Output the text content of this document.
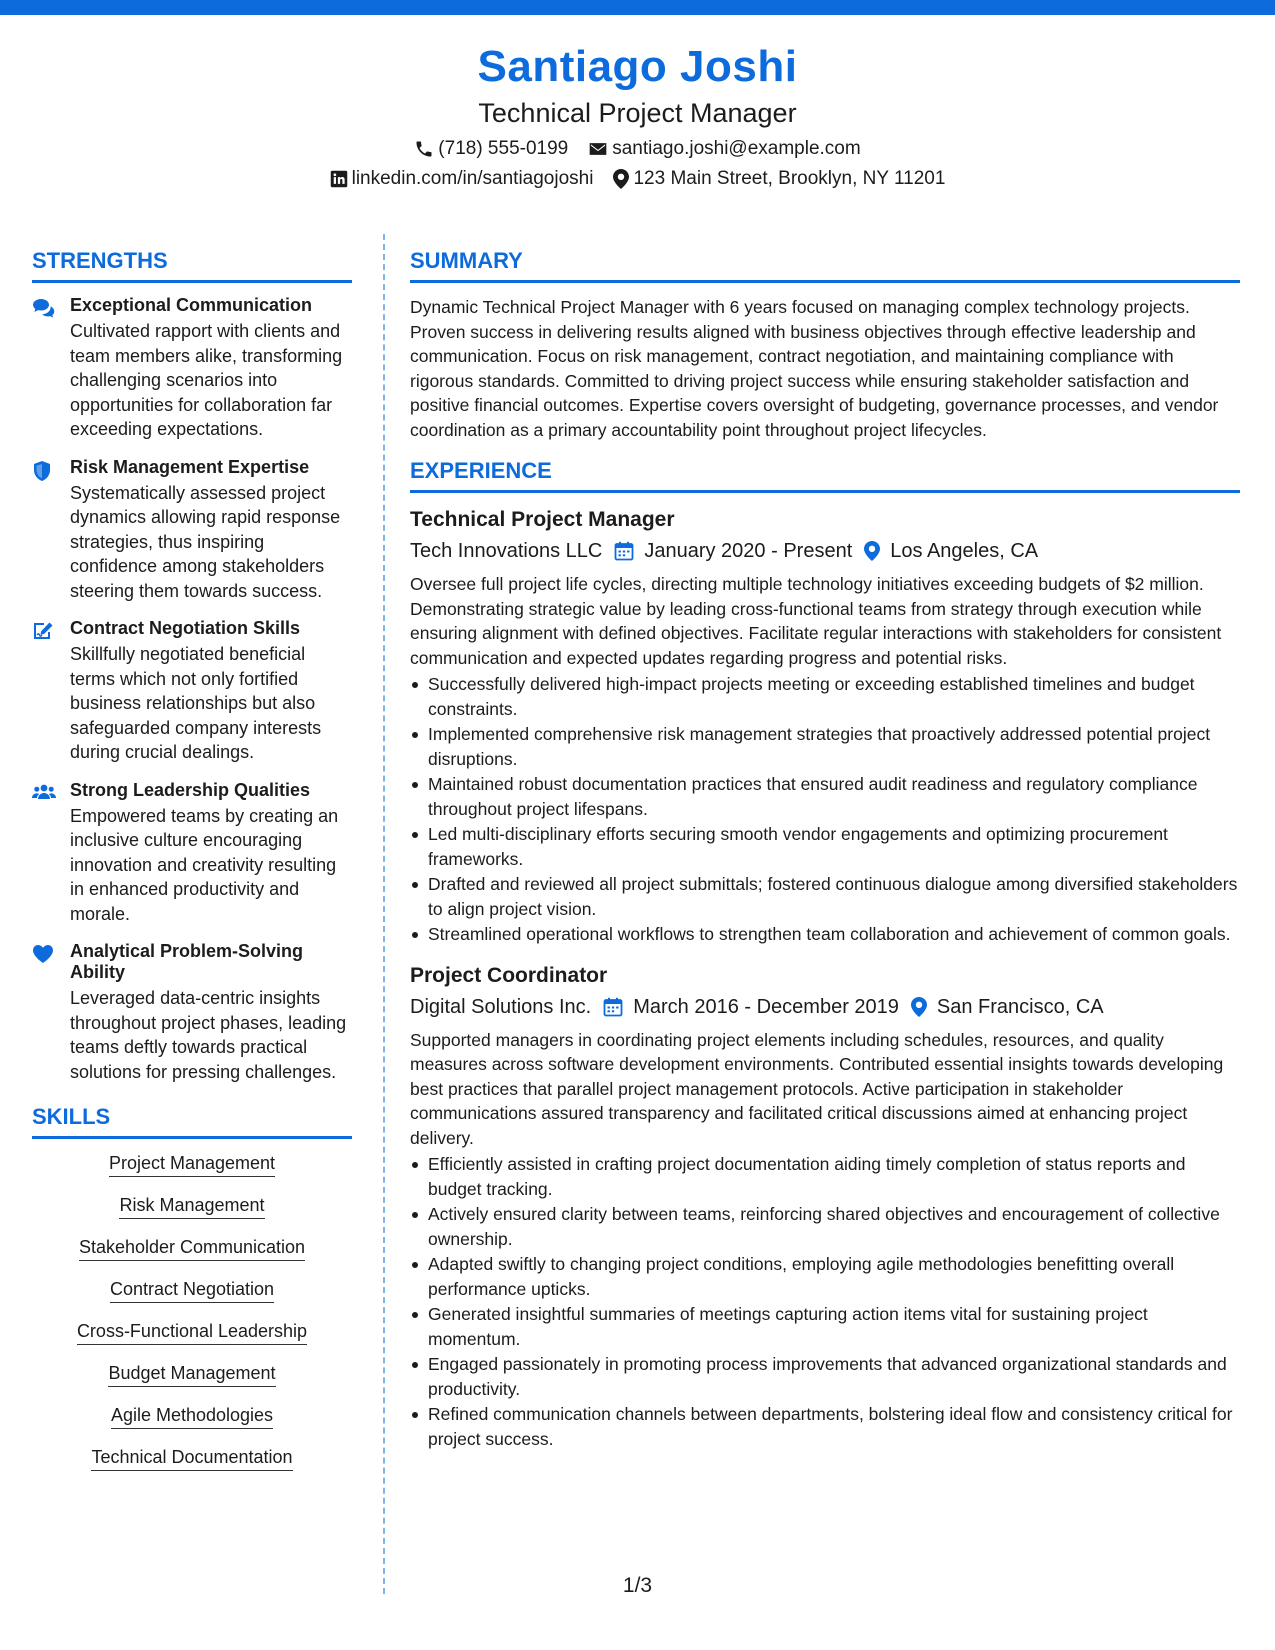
Santiago Joshi
Technical Project Manager
(718) 555-0199 santiago.joshi@example.com
linkedin.com/in/santiagojoshi 123 Main Street, Brooklyn, NY 11201
STRENGTHS
Exceptional Communication
Cultivated rapport with clients and team members alike, transforming challenging scenarios into opportunities for collaboration far exceeding expectations.
Risk Management Expertise
Systematically assessed project dynamics allowing rapid response strategies, thus inspiring confidence among stakeholders steering them towards success.
Contract Negotiation Skills
Skillfully negotiated beneficial terms which not only fortified business relationships but also safeguarded company interests during crucial dealings.
Strong Leadership Qualities
Empowered teams by creating an inclusive culture encouraging innovation and creativity resulting in enhanced productivity and morale.
Analytical Problem-Solving Ability
Leveraged data-centric insights throughout project phases, leading teams deftly towards practical solutions for pressing challenges.
SKILLS
Project Management
Risk Management
Stakeholder Communication
Contract Negotiation
Cross-Functional Leadership
Budget Management
Agile Methodologies
Technical Documentation
SUMMARY
Dynamic Technical Project Manager with 6 years focused on managing complex technology projects. Proven success in delivering results aligned with business objectives through effective leadership and communication. Focus on risk management, contract negotiation, and maintaining compliance with rigorous standards. Committed to driving project success while ensuring stakeholder satisfaction and positive financial outcomes. Expertise covers oversight of budgeting, governance processes, and vendor coordination as a primary accountability point throughout project lifecycles.
EXPERIENCE
Technical Project Manager
Tech Innovations LLC January 2020 - Present Los Angeles, CA
Oversee full project life cycles, directing multiple technology initiatives exceeding budgets of $2 million. Demonstrating strategic value by leading cross-functional teams from strategy through execution while ensuring alignment with defined objectives. Facilitate regular interactions with stakeholders for consistent communication and expected updates regarding progress and potential risks.
Successfully delivered high-impact projects meeting or exceeding established timelines and budget constraints.
Implemented comprehensive risk management strategies that proactively addressed potential project disruptions.
Maintained robust documentation practices that ensured audit readiness and regulatory compliance throughout project lifespans.
Led multi-disciplinary efforts securing smooth vendor engagements and optimizing procurement frameworks.
Drafted and reviewed all project submittals; fostered continuous dialogue among diversified stakeholders to align project vision.
Streamlined operational workflows to strengthen team collaboration and achievement of common goals.
Project Coordinator
Digital Solutions Inc. March 2016 - December 2019 San Francisco, CA
Supported managers in coordinating project elements including schedules, resources, and quality measures across software development environments. Contributed essential insights towards developing best practices that parallel project management protocols. Active participation in stakeholder communications assured transparency and facilitated critical discussions aimed at enhancing project delivery.
Efficiently assisted in crafting project documentation aiding timely completion of status reports and budget tracking.
Actively ensured clarity between teams, reinforcing shared objectives and encouragement of collective ownership.
Adapted swiftly to changing project conditions, employing agile methodologies benefitting overall performance upticks.
Generated insightful summaries of meetings capturing action items vital for sustaining project momentum.
Engaged passionately in promoting process improvements that advanced organizational standards and productivity.
Refined communication channels between departments, bolstering ideal flow and consistency critical for project success.
1/3
